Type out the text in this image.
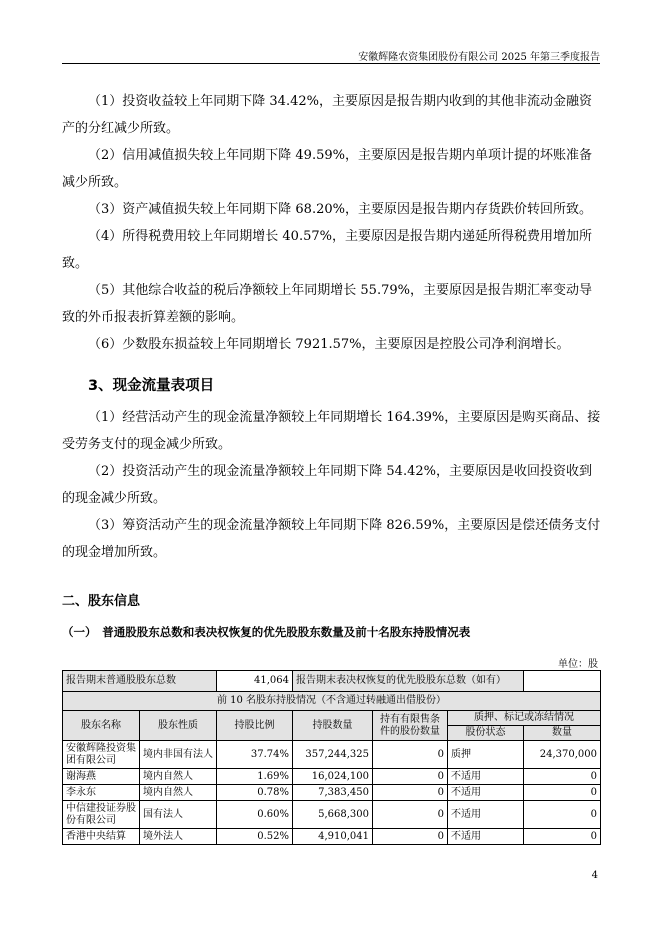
安徽辉隆农资集团股份有限公司 2025 年第三季度报告

（1）投资收益较上年同期下降 34.42%，主要原因是报告期内收到的其他非流动金融资产的分红减少所致。

（2）信用减值损失较上年同期下降 49.59%，主要原因是报告期内单项计提的坏账准备减少所致。

（3）资产减值损失较上年同期下降 68.20%，主要原因是报告期内存货跌价转回所致。

（4）所得税费用较上年同期增长 40.57%，主要原因是报告期内递延所得税费用增加所致。

（5）其他综合收益的税后净额较上年同期增长 55.79%，主要原因是报告期汇率变动导致的外币报表折算差额的影响。

（6）少数股东损益较上年同期增长 7921.57%，主要原因是控股公司净利润增长。

3、现金流量表项目

（1）经营活动产生的现金流量净额较上年同期增长 164.39%，主要原因是购买商品、接受劳务支付的现金减少所致。

（2）投资活动产生的现金流量净额较上年同期下降 54.42%，主要原因是收回投资收到的现金减少所致。

（3）筹资活动产生的现金流量净额较上年同期下降 826.59%，主要原因是偿还债务支付的现金增加所致。

二、股东信息
（一）　普通股股东总数和表决权恢复的优先股股东数量及前十名股东持股情况表
单位：股
报告期末普通股股东总数		41,064	报告期末表决权恢复的优先股股东总数（如有）			
前 10 名股东持股情况（不含通过转融通出借股份）						
股东名称	股东性质	持股比例	持股数量	持有有限售条件的股份数量	质押、标记或冻结情况	
					股份状态	数量
安徽辉隆投资集团有限公司	境内非国有法人	37.74%	357,244,325	0	质押	24,370,000
谢海燕	境内自然人	1.69%	16,024,100	0	不适用	0
李永东	境内自然人	0.78%	7,383,450	0	不适用	0
中信建投证券股份有限公司	国有法人	0.60%	5,668,300	0	不适用	0
香港中央结算	境外法人	0.52%	4,910,041	0	不适用	0
4
